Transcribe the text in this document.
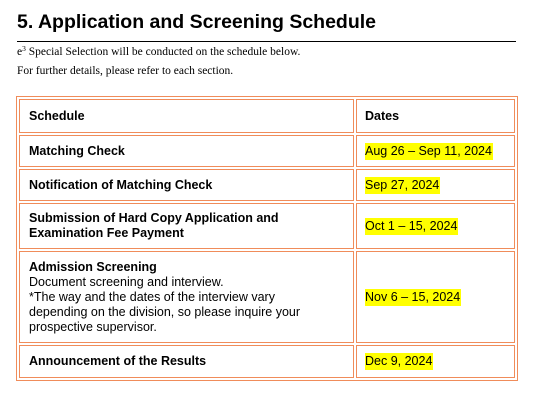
5. Application and Screening Schedule
$e^3$ Special Selection will be conducted on the schedule below.
For further details, please refer to each section.
Schedule	Dates
Matching Check	Aug 26 – Sep 11, 2024
Notification of Matching Check	Sep 27, 2024

Submission of Hard Copy Application and
Examination Fee Payment	Oct 1 – 15, 2024

Admission Screening
Document screening and interview.
*The way and the dates of the interview vary
depending on the division, so please inquire your
prospective supervisor.	Nov 6 – 15, 2024
Announcement of the Results	Dec 9, 2024
